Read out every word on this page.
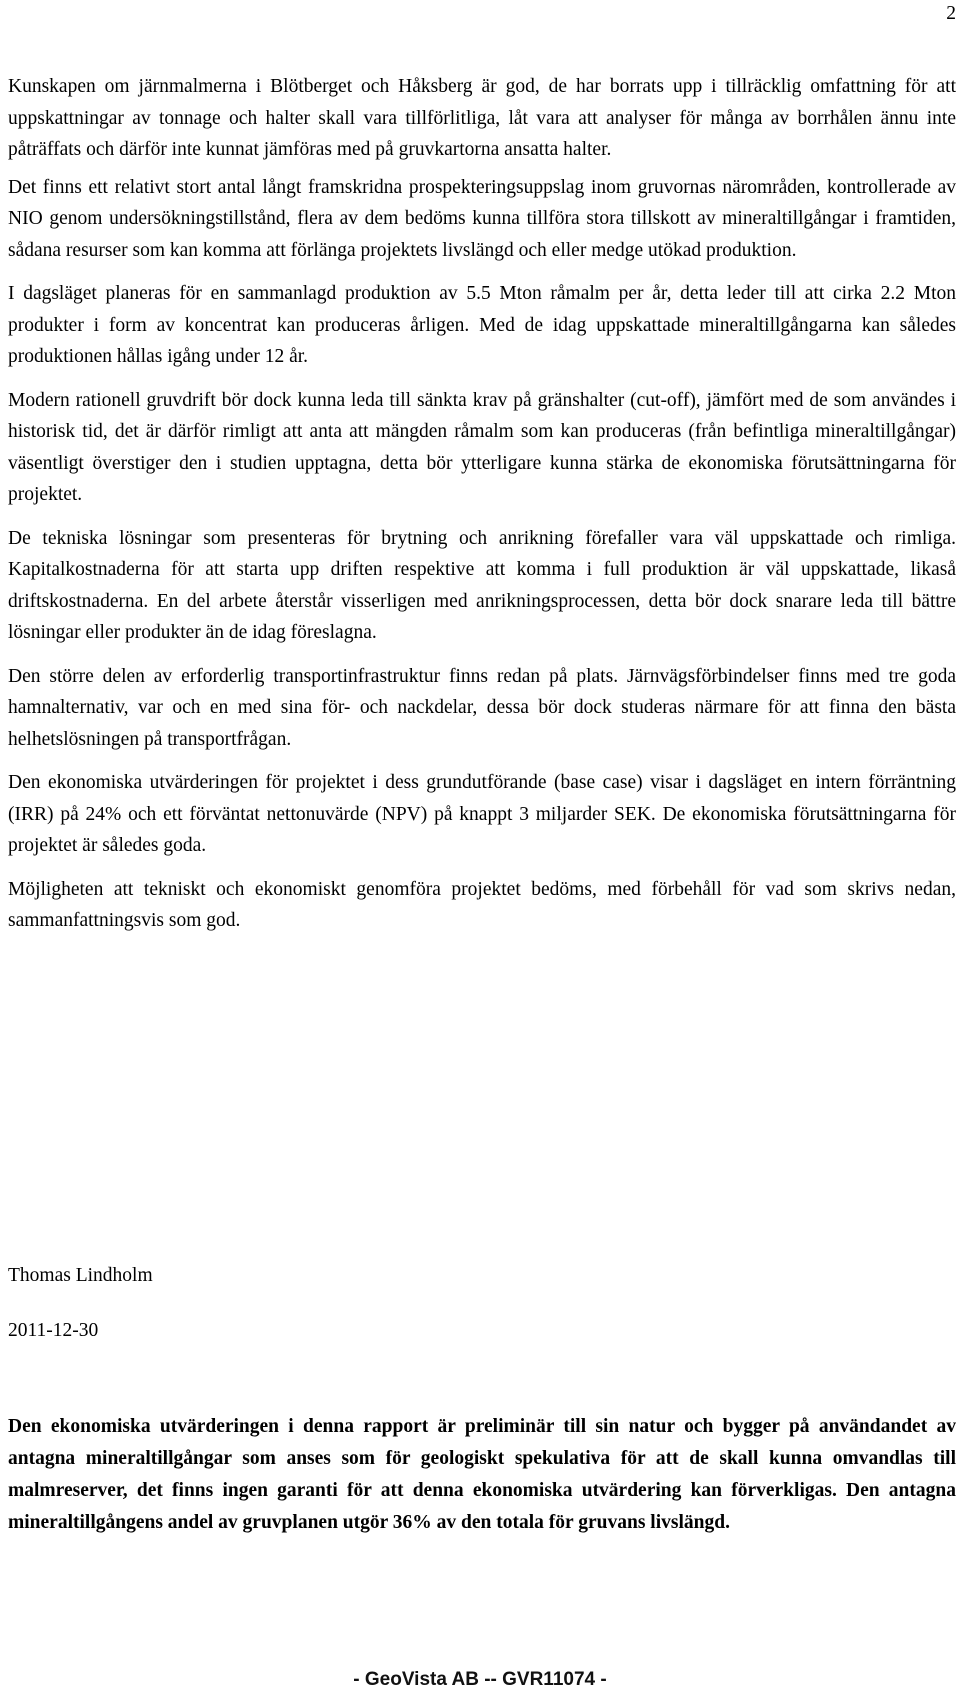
2

Kunskapen om järnmalmerna i Blötberget och Håksberg är god, de har borrats upp i tillräcklig omfattning för att uppskattningar av tonnage och halter skall vara tillförlitliga, låt vara att analyser för många av borrhålen ännu inte påträffats och därför inte kunnat jämföras med på gruvkartorna ansatta halter.

Det finns ett relativt stort antal långt framskridna prospekteringsuppslag inom gruvornas närområden, kontrollerade av NIO genom undersökningstillstånd, flera av dem bedöms kunna tillföra stora tillskott av mineraltillgångar i framtiden, sådana resurser som kan komma att förlänga projektets livslängd och eller medge utökad produktion.

I dagsläget planeras för en sammanlagd produktion av 5.5 Mton råmalm per år, detta leder till att cirka 2.2 Mton produkter i form av koncentrat kan produceras årligen. Med de idag uppskattade mineraltillgångarna kan således produktionen hållas igång under 12 år.

Modern rationell gruvdrift bör dock kunna leda till sänkta krav på gränshalter (cut-off), jämfört med de som användes i historisk tid, det är därför rimligt att anta att mängden råmalm som kan produceras (från befintliga mineraltillgångar) väsentligt överstiger den i studien upptagna, detta bör ytterligare kunna stärka de ekonomiska förutsättningarna för projektet.

De tekniska lösningar som presenteras för brytning och anrikning förefaller vara väl uppskattade och rimliga. Kapitalkostnaderna för att starta upp driften respektive att komma i full produktion är väl uppskattade, likaså driftskostnaderna. En del arbete återstår visserligen med anrikningsprocessen, detta bör dock snarare leda till bättre lösningar eller produkter än de idag föreslagna.

Den större delen av erforderlig transportinfrastruktur finns redan på plats. Järnvägsförbindelser finns med tre goda hamnalternativ, var och en med sina för- och nackdelar, dessa bör dock studeras närmare för att finna den bästa helhetslösningen på transportfrågan.

Den ekonomiska utvärderingen för projektet i dess grundutförande (base case) visar i dagsläget en intern förräntning (IRR) på 24% och ett förväntat nettonuvärde (NPV) på knappt 3 miljarder SEK. De ekonomiska förutsättningarna för projektet är således goda.

Möjligheten att tekniskt och ekonomiskt genomföra projektet bedöms, med förbehåll för vad som skrivs nedan, sammanfattningsvis som god.

Thomas Lindholm

2011-12-30

Den ekonomiska utvärderingen i denna rapport är preliminär till sin natur och bygger på användandet av antagna mineraltillgångar som anses som för geologiskt spekulativa för att de skall kunna omvandlas till malmreserver, det finns ingen garanti för att denna ekonomiska utvärdering kan förverkligas. Den antagna mineraltillgångens andel av gruvplanen utgör 36% av den totala för gruvans livslängd.

- GeoVista AB -- GVR11074 -
